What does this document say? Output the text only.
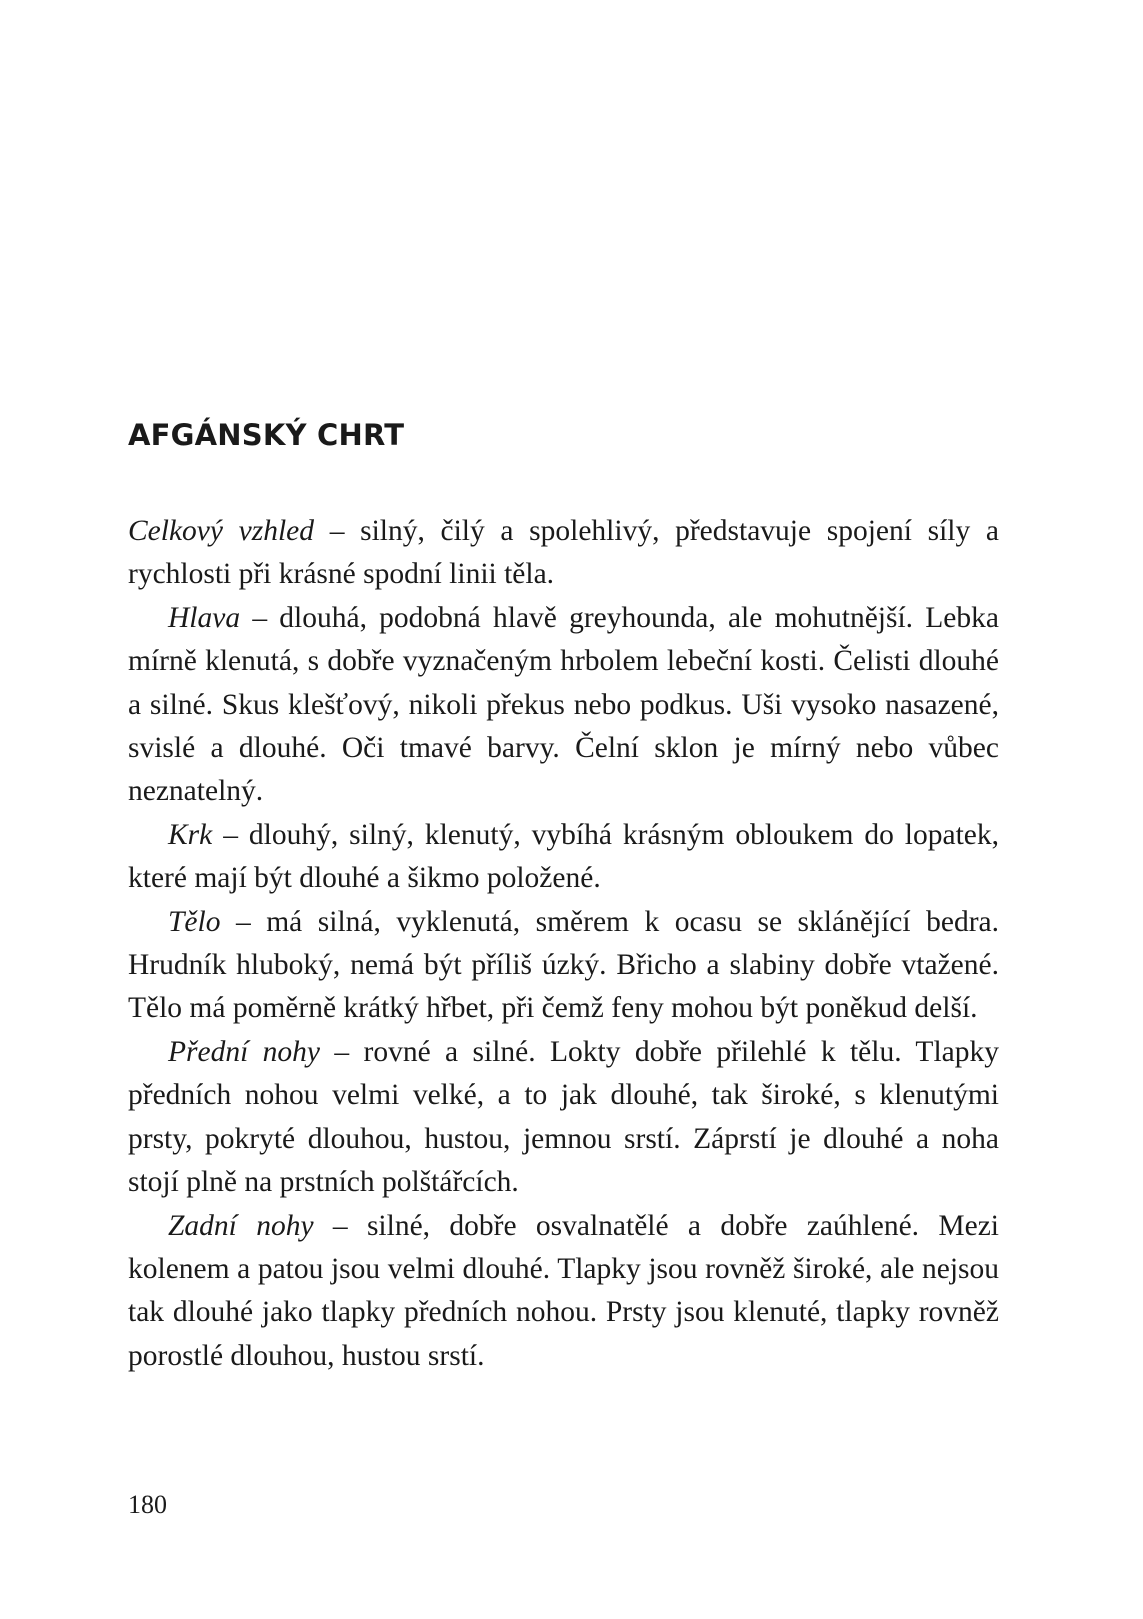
AFGÁNSKÝ CHRT

Celkový vzhled – silný, čilý a spolehlivý, představuje spojení síly a rychlosti při krásné spodní linii těla.

Hlava – dlouhá, podobná hlavě greyhounda, ale mohutnější. Lebka mírně klenutá, s dobře vyznačeným hrbolem lebeční kosti. Čelisti dlouhé a silné. Skus klešťový, nikoli překus nebo podkus. Uši vysoko nasazené, svislé a dlouhé. Oči tmavé barvy. Čelní sklon je mírný nebo vůbec neznatelný.

Krk – dlouhý, silný, klenutý, vybíhá krásným obloukem do lopatek, které mají být dlouhé a šikmo položené.

Tělo – má silná, vyklenutá, směrem k ocasu se sklánějící bedra. Hrudník hluboký, nemá být příliš úzký. Břicho a slabiny dobře vtažené. Tělo má poměrně krátký hřbet, při čemž feny mohou být poněkud delší.

Přední nohy – rovné a silné. Lokty dobře přilehlé k tělu. Tlapky předních nohou velmi velké, a to jak dlouhé, tak široké, s klenutými prsty, pokryté dlouhou, hustou, jemnou srstí. Záprstí je dlouhé a noha stojí plně na prstních polštářcích.

Zadní nohy – silné, dobře osvalnatělé a dobře zaúhlené. Mezi kolenem a patou jsou velmi dlouhé. Tlapky jsou rovněž široké, ale nejsou tak dlouhé jako tlapky předních nohou. Prsty jsou klenuté, tlapky rovněž porostlé dlouhou, hustou srstí.

180
